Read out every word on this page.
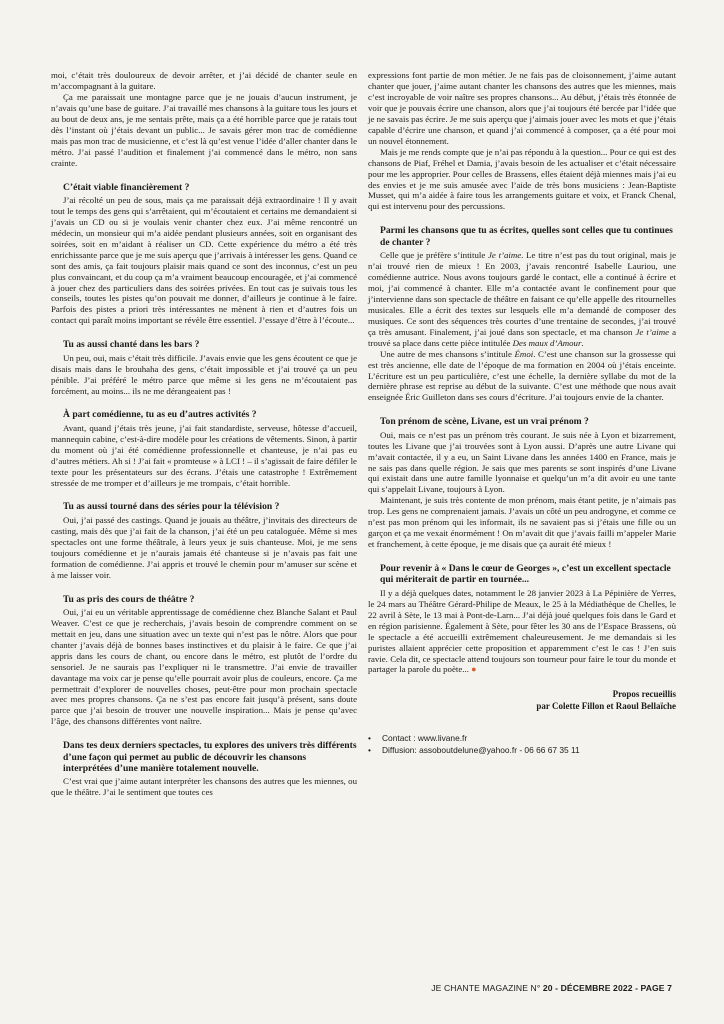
moi, c’était très douloureux de devoir arrêter, et j’ai décidé de chanter seule en m’accompagnant à la guitare.

Ça me paraissait une montagne parce que je ne jouais d’aucun instrument, je n’avais qu’une base de guitare. J’ai travaillé mes chansons à la guitare tous les jours et au bout de deux ans, je me sentais prête, mais ça a été horrible parce que je ratais tout dès l’instant où j’étais devant un public... Je savais gérer mon trac de comédienne mais pas mon trac de musicienne, et c’est là qu’est venue l’idée d’aller chanter dans le métro. J’ai passé l’audition et finalement j’ai commencé dans le métro, non sans crainte.

C’était viable financièrement ?

J’ai récolté un peu de sous, mais ça me paraissait déjà extraordinaire ! Il y avait tout le temps des gens qui s’arrêtaient, qui m’écoutaient et certains me demandaient si j’avais un CD ou si je voulais venir chanter chez eux. J’ai même rencontré un médecin, un monsieur qui m’a aidée pendant plusieurs années, soit en organisant des soirées, soit en m’aidant à réaliser un CD. Cette expérience du métro a été très enrichissante parce que je me suis aperçu que j’arrivais à intéresser les gens. Quand ce sont des amis, ça fait toujours plaisir mais quand ce sont des inconnus, c’est un peu plus convaincant, et du coup ça m’a vraiment beaucoup encouragée, et j’ai commencé à jouer chez des particuliers dans des soirées privées. En tout cas je suivais tous les conseils, toutes les pistes qu’on pouvait me donner, d’ailleurs je continue à le faire. Parfois des pistes a priori très intéressantes ne mènent à rien et d’autres fois un contact qui paraît moins important se révèle être essentiel. J’essaye d’être à l’écoute...

Tu as aussi chanté dans les bars ?

Un peu, oui, mais c’était très difficile. J’avais envie que les gens écoutent ce que je disais mais dans le brouhaha des gens, c’était impossible et j’ai trouvé ça un peu pénible. J’ai préféré le métro parce que même si les gens ne m’écoutaient pas forcément, au moins... ils ne me dérangeaient pas !

À part comédienne, tu as eu d’autres activités ?

Avant, quand j’étais très jeune, j’ai fait standardiste, serveuse, hôtesse d’accueil, mannequin cabine, c’est-à-dire modèle pour les créations de vêtements. Sinon, à partir du moment où j’ai été comédienne professionnelle et chanteuse, je n’ai pas eu d’autres métiers. Ah si ! J’ai fait « promteuse » à LCI ! – il s’agissait de faire défiler le texte pour les présentateurs sur des écrans. J’étais une catastrophe ! Extrêmement stressée de me tromper et d’ailleurs je me trompais, c’était horrible.

Tu as aussi tourné dans des séries pour la télévision ?

Oui, j’ai passé des castings. Quand je jouais au théâtre, j’invitais des directeurs de casting, mais dès que j’ai fait de la chanson, j’ai été un peu cataloguée. Même si mes spectacles ont une forme théâtrale, à leurs yeux je suis chanteuse. Moi, je me sens toujours comédienne et je n’aurais jamais été chanteuse si je n’avais pas fait une formation de comédienne. J’ai appris et trouvé le chemin pour m’amuser sur scène et à me laisser voir.

Tu as pris des cours de théâtre ?

Oui, j’ai eu un véritable apprentissage de comédienne chez Blanche Salant et Paul Weaver. C’est ce que je recherchais, j’avais besoin de comprendre comment on se mettait en jeu, dans une situation avec un texte qui n’est pas le nôtre. Alors que pour chanter j’avais déjà de bonnes bases instinctives et du plaisir à le faire. Ce que j’ai appris dans les cours de chant, ou encore dans le métro, est plutôt de l’ordre du sensoriel. Je ne saurais pas l’expliquer ni le transmettre. J’ai envie de travailler davantage ma voix car je pense qu’elle pourrait avoir plus de couleurs, encore. Ça me permettrait d’explorer de nouvelles choses, peut-être pour mon prochain spectacle avec mes propres chansons. Ça ne s’est pas encore fait jusqu’à présent, sans doute parce que j’ai besoin de trouver une nouvelle inspiration... Mais je pense qu’avec l’âge, des chansons différentes vont naître.

Dans tes deux derniers spectacles, tu explores des univers très différents d’une façon qui permet au public de découvrir les chansons interprétées d’une manière totalement nouvelle.

C’est vrai que j’aime autant interpréter les chansons des autres que les miennes, ou que le théâtre. J’ai le sentiment que toutes ces

expressions font partie de mon métier. Je ne fais pas de cloisonnement, j’aime autant chanter que jouer, j’aime autant chanter les chansons des autres que les miennes, mais c’est incroyable de voir naître ses propres chansons... Au début, j’étais très étonnée de voir que je pouvais écrire une chanson, alors que j’ai toujours été bercée par l’idée que je ne savais pas écrire. Je me suis aperçu que j’aimais jouer avec les mots et que j’étais capable d’écrire une chanson, et quand j’ai commencé à composer, ça a été pour moi un nouvel étonnement.

Mais je me rends compte que je n’ai pas répondu à la question... Pour ce qui est des chansons de Piaf, Fréhel et Damia, j’avais besoin de les actualiser et c’était nécessaire pour me les approprier. Pour celles de Brassens, elles étaient déjà miennes mais j’ai eu des envies et je me suis amusée avec l’aide de très bons musiciens : Jean-Baptiste Musset, qui m’a aidée à faire tous les arrangements guitare et voix, et Franck Chenal, qui est intervenu pour des percussions.

Parmi les chansons que tu as écrites, quelles sont celles que tu continues de chanter ?

Celle que je préfère s’intitule Je t’aime. Le titre n’est pas du tout original, mais je n’ai trouvé rien de mieux ! En 2003, j’avais rencontré Isabelle Lauriou, une comédienne autrice. Nous avons toujours gardé le contact, elle a continué à écrire et moi, j’ai commencé à chanter. Elle m’a contactée avant le confinement pour que j’intervienne dans son spectacle de théâtre en faisant ce qu’elle appelle des ritournelles musicales. Elle a écrit des textes sur lesquels elle m’a demandé de composer des musiques. Ce sont des séquences très courtes d’une trentaine de secondes, j’ai trouvé ça très amusant. Finalement, j’ai joué dans son spectacle, et ma chanson Je t’aime a trouvé sa place dans cette pièce intitulée Des maux d’Amour.

Une autre de mes chansons s’intitule Émoi. C’est une chanson sur la grossesse qui est très ancienne, elle date de l’époque de ma formation en 2004 où j’étais enceinte. L’écriture est un peu particulière, c’est une échelle, la dernière syllabe du mot de la dernière phrase est reprise au début de la suivante. C’est une méthode que nous avait enseignée Éric Guilleton dans ses cours d’écriture. J’ai toujours envie de la chanter.

Ton prénom de scène, Livane, est un vrai prénom ?

Oui, mais ce n’est pas un prénom très courant. Je suis née à Lyon et bizarrement, toutes les Livane que j’ai trouvées sont à Lyon aussi. D’après une autre Livane qui m’avait contactée, il y a eu, un Saint Livane dans les années 1400 en France, mais je ne sais pas dans quelle région. Je sais que mes parents se sont inspirés d’une Livane qui existait dans une autre famille lyonnaise et quelqu’un m’a dit avoir eu une tante qui s’appelait Livane, toujours à Lyon.

Maintenant, je suis très contente de mon prénom, mais étant petite, je n’aimais pas trop. Les gens ne comprenaient jamais. J’avais un côté un peu androgyne, et comme ce n’est pas mon prénom qui les informait, ils ne savaient pas si j’étais une fille ou un garçon et ça me vexait énormément ! On m’avait dit que j’avais failli m’appeler Marie et franchement, à cette époque, je me disais que ça aurait été mieux !

Pour revenir à « Dans le cœur de Georges », c’est un excellent spectacle qui mériterait de partir en tournée...

Il y a déjà quelques dates, notamment le 28 janvier 2023 à La Pépinière de Yerres, le 24 mars au Théâtre Gérard-Philipe de Meaux, le 25 à la Médiathèque de Chelles, le 22 avril à Sète, le 13 mai à Pont-de-Larn... J’ai déjà joué quelques fois dans le Gard et en région parisienne. Également à Sète, pour fêter les 30 ans de l’Espace Brassens, où le spectacle a été accueilli extrêmement chaleureusement. Je me demandais si les puristes allaient apprécier cette proposition et apparemment c’est le cas ! J’en suis ravie. Cela dit, ce spectacle attend toujours son tourneur pour faire le tour du monde et partager la parole du poète... ●

Propos recueillis
par Colette Fillon et Raoul Bellaïche
•	Contact : www.livane.fr
•	Diffusion: assoboutdelune@yahoo.fr - 06 66 67 35 11
JE CHANTE MAGAZINE N° 20 - DÉCEMBRE 2022 - PAGE 7
